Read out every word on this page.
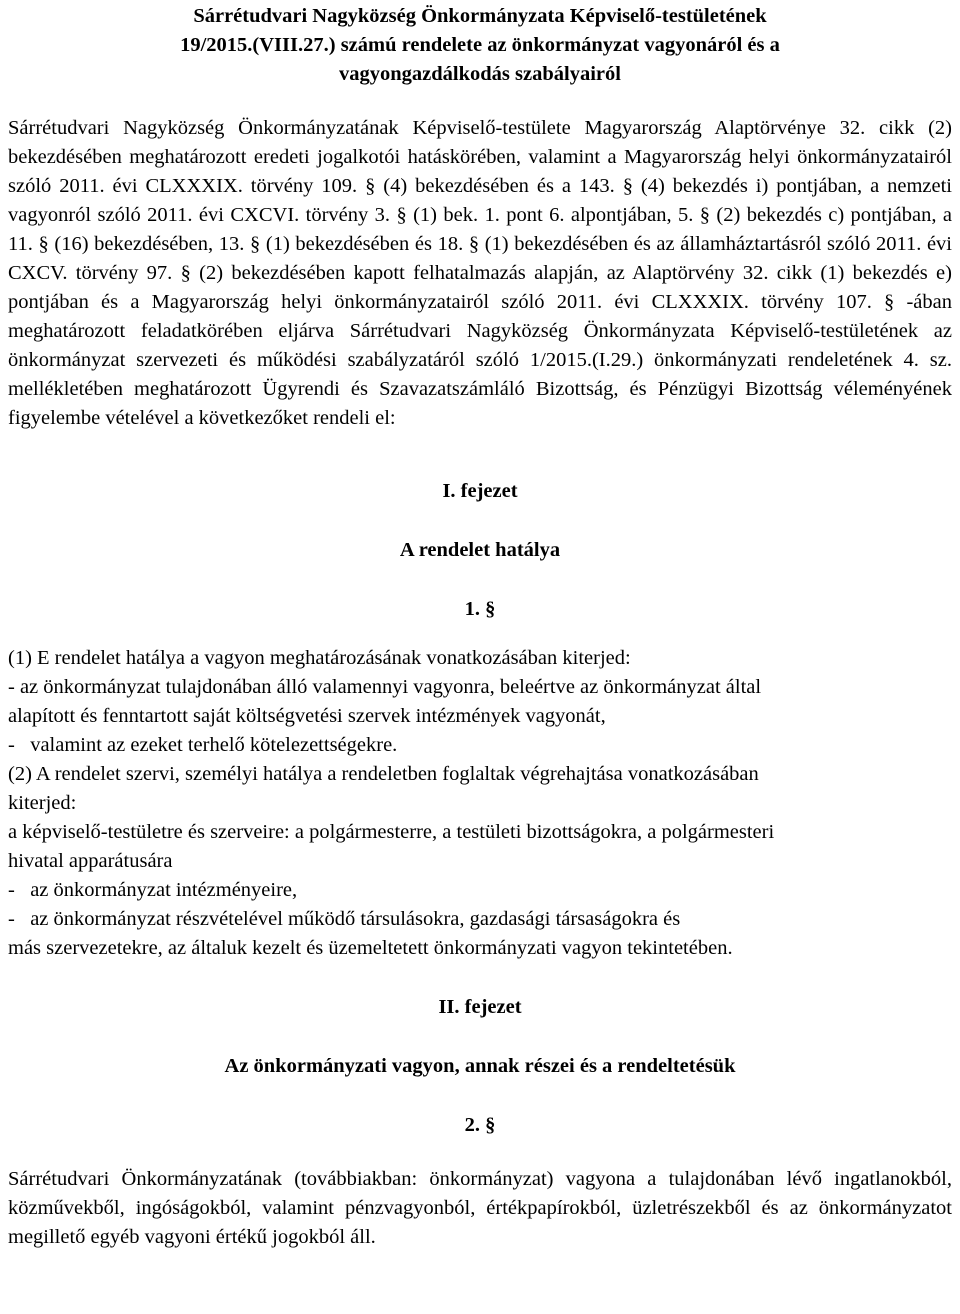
Sárrétudvari Nagyközség Önkormányzata Képviselő-testületének
19/2015.(VIII.27.) számú rendelete az önkormányzat vagyonáról és a
vagyongazdálkodás szabályairól

Sárrétudvari Nagyközség Önkormányzatának Képviselő-testülete Magyarország Alaptörvénye 32. cikk (2) bekezdésében meghatározott eredeti jogalkotói hatáskörében, valamint a Magyarország helyi önkormányzatairól szóló 2011. évi CLXXXIX. törvény 109. § (4) bekezdésében és a 143. § (4) bekezdés i) pontjában, a nemzeti vagyonról szóló 2011. évi CXCVI. törvény 3. § (1) bek. 1. pont 6. alpontjában, 5. § (2) bekezdés c) pontjában, a 11. § (16) bekezdésében, 13. § (1) bekezdésében és 18. § (1) bekezdésében és az államháztartásról szóló 2011. évi CXCV. törvény 97. § (2) bekezdésében kapott felhatalmazás alapján, az Alaptörvény 32. cikk (1) bekezdés e) pontjában és a Magyarország helyi önkormányzatairól szóló 2011. évi CLXXXIX. törvény 107. § -ában meghatározott feladatkörében eljárva Sárrétudvari Nagyközség Önkormányzata Képviselő-testületének az önkormányzat szervezeti és működési szabályzatáról szóló 1/2015.(I.29.) önkormányzati rendeletének 4. sz. mellékletében meghatározott Ügyrendi és Szavazatszámláló Bizottság, és Pénzügyi Bizottság véleményének figyelembe vételével a következőket rendeli el:

I. fejezet
A rendelet hatálya
1. §
(1) E rendelet hatálya a vagyon meghatározásának vonatkozásában kiterjed:
- az önkormányzat tulajdonában álló valamennyi vagyonra, beleértve az önkormányzat által
alapított és fenntartott saját költségvetési szervek intézmények vagyonát,
-   valamint az ezeket terhelő kötelezettségekre.
(2) A rendelet szervi, személyi hatálya a rendeletben foglaltak végrehajtása vonatkozásában
kiterjed:
a képviselő-testületre és szerveire: a polgármesterre, a testületi bizottságokra, a polgármesteri
hivatal apparátusára
-   az önkormányzat intézményeire,
-   az önkormányzat részvételével működő társulásokra, gazdasági társaságokra és
más szervezetekre, az általuk kezelt és üzemeltetett önkormányzati vagyon tekintetében.
II. fejezet
Az önkormányzati vagyon, annak részei és a rendeltetésük
2. §

Sárrétudvari Önkormányzatának (továbbiakban: önkormányzat) vagyona a tulajdonában lévő ingatlanokból, közművekből, ingóságokból, valamint pénzvagyonból, értékpapírokból, üzletrészekből és az önkormányzatot megillető egyéb vagyoni értékű jogokból áll.
